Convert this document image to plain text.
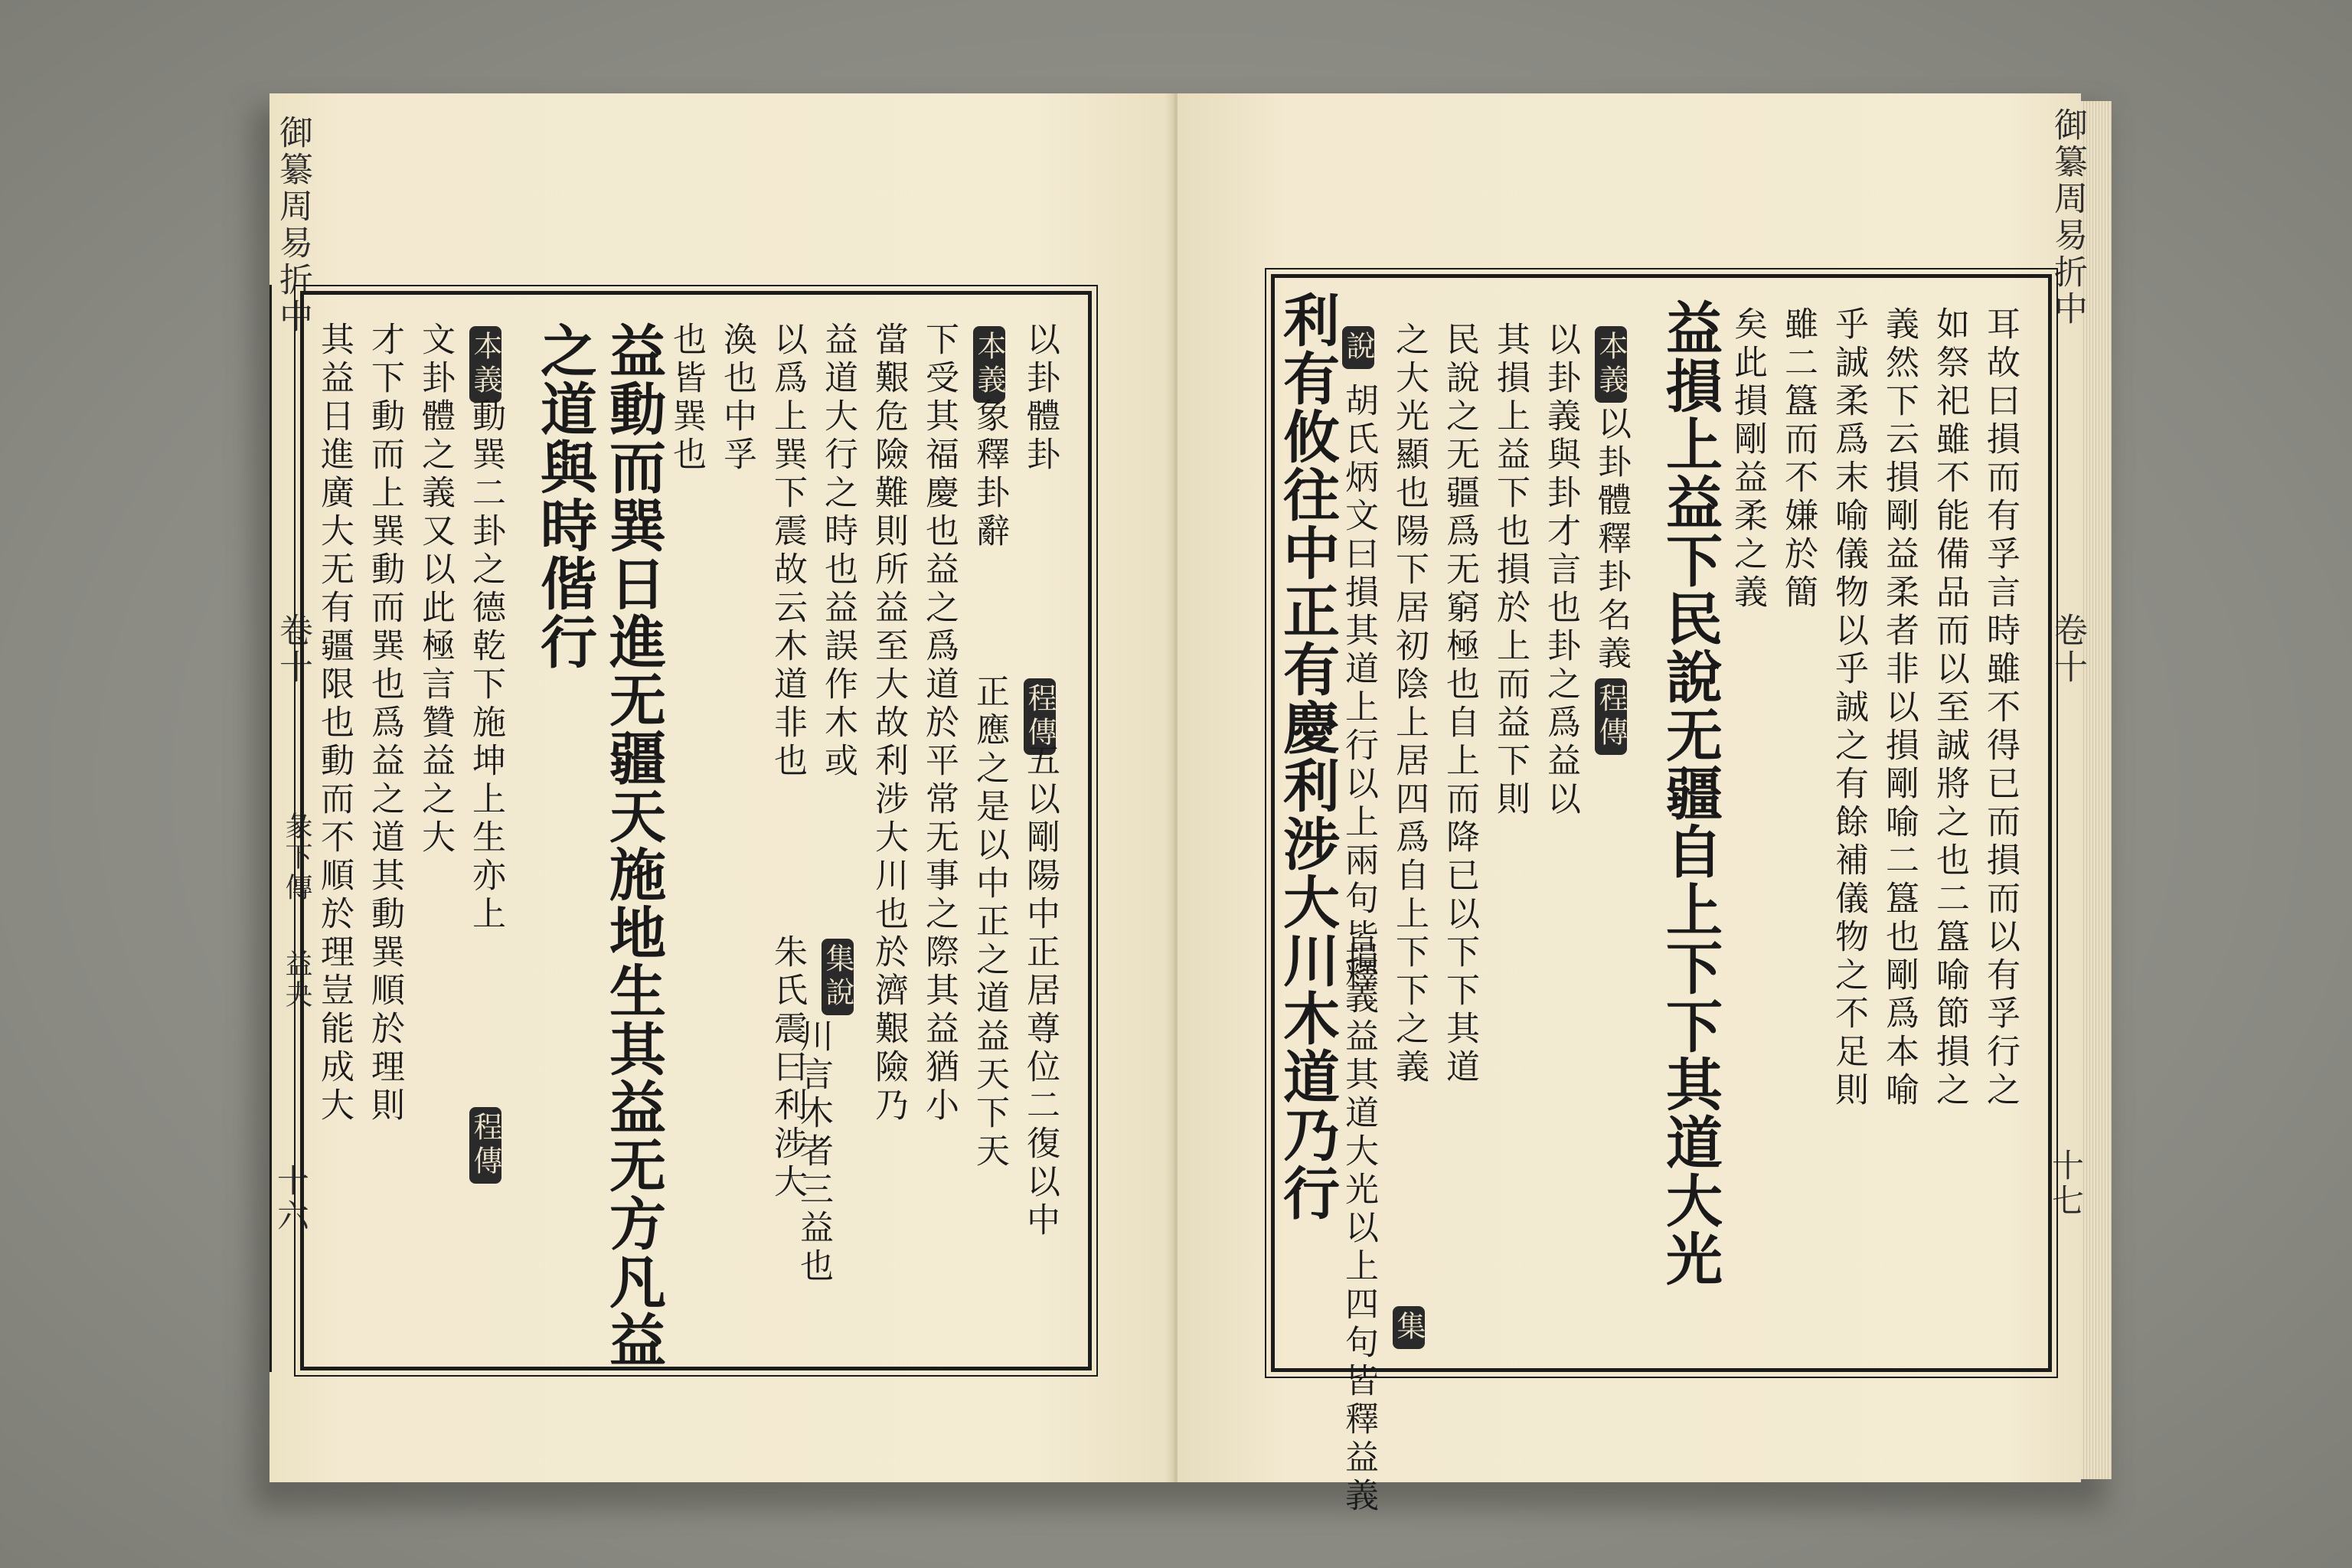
御纂周易折中
卷十
彖下傳
益夬
十六
御纂周易折中
卷十
十七
以卦體卦
程傳
五以剛陽中正居尊位二復以中
本義
象釋卦辭
正應之是以中正之道益天下天
下受其福慶也益之爲道於平常无事之際其益猶小
當艱危險難則所益至大故利涉大川也於濟艱險乃
益道大行之時也益誤作木或
以爲上巽下震故云木道非也
渙也中孚
也皆巽也
集說
朱氏震曰利涉大
川言木者三益也
益動而巽日進无疆天施地生其益无方凡益
之道與時偕行
本義
動巽二卦之德乾下施坤上生亦上
文卦體之義又以此極言贊益之大
程傳
才下動而上巽動而巽也爲益之道其動巽順於理則
其益日進廣大无有疆限也動而不順於理豈能成大	耳故曰損而有孚言時雖不得已而損而以有孚行之
如祭祀雖不能備品而以至誠將之也二簋喻節損之
義然下云損剛益柔者非以損剛喻二簋也剛爲本喻
乎誠柔爲末喻儀物以乎誠之有餘補儀物之不足則
雖二簋而不嫌於簡
矣此損剛益柔之義
益損上益下民說无疆自上下下其道大光
本義
以卦體釋卦名義
程傳
以卦義與卦才言也卦之爲益以
其損上益下也損於上而益下則
民說之无疆爲无窮極也自上而降已以下下其道
之大光顯也陽下居初陰上居四爲自上下下之義
說
胡氏炳文曰損其道上行以上兩句皆釋
集
損義益其道大光以上四句皆釋益義
利有攸往中正有慶利涉大川木道乃行
